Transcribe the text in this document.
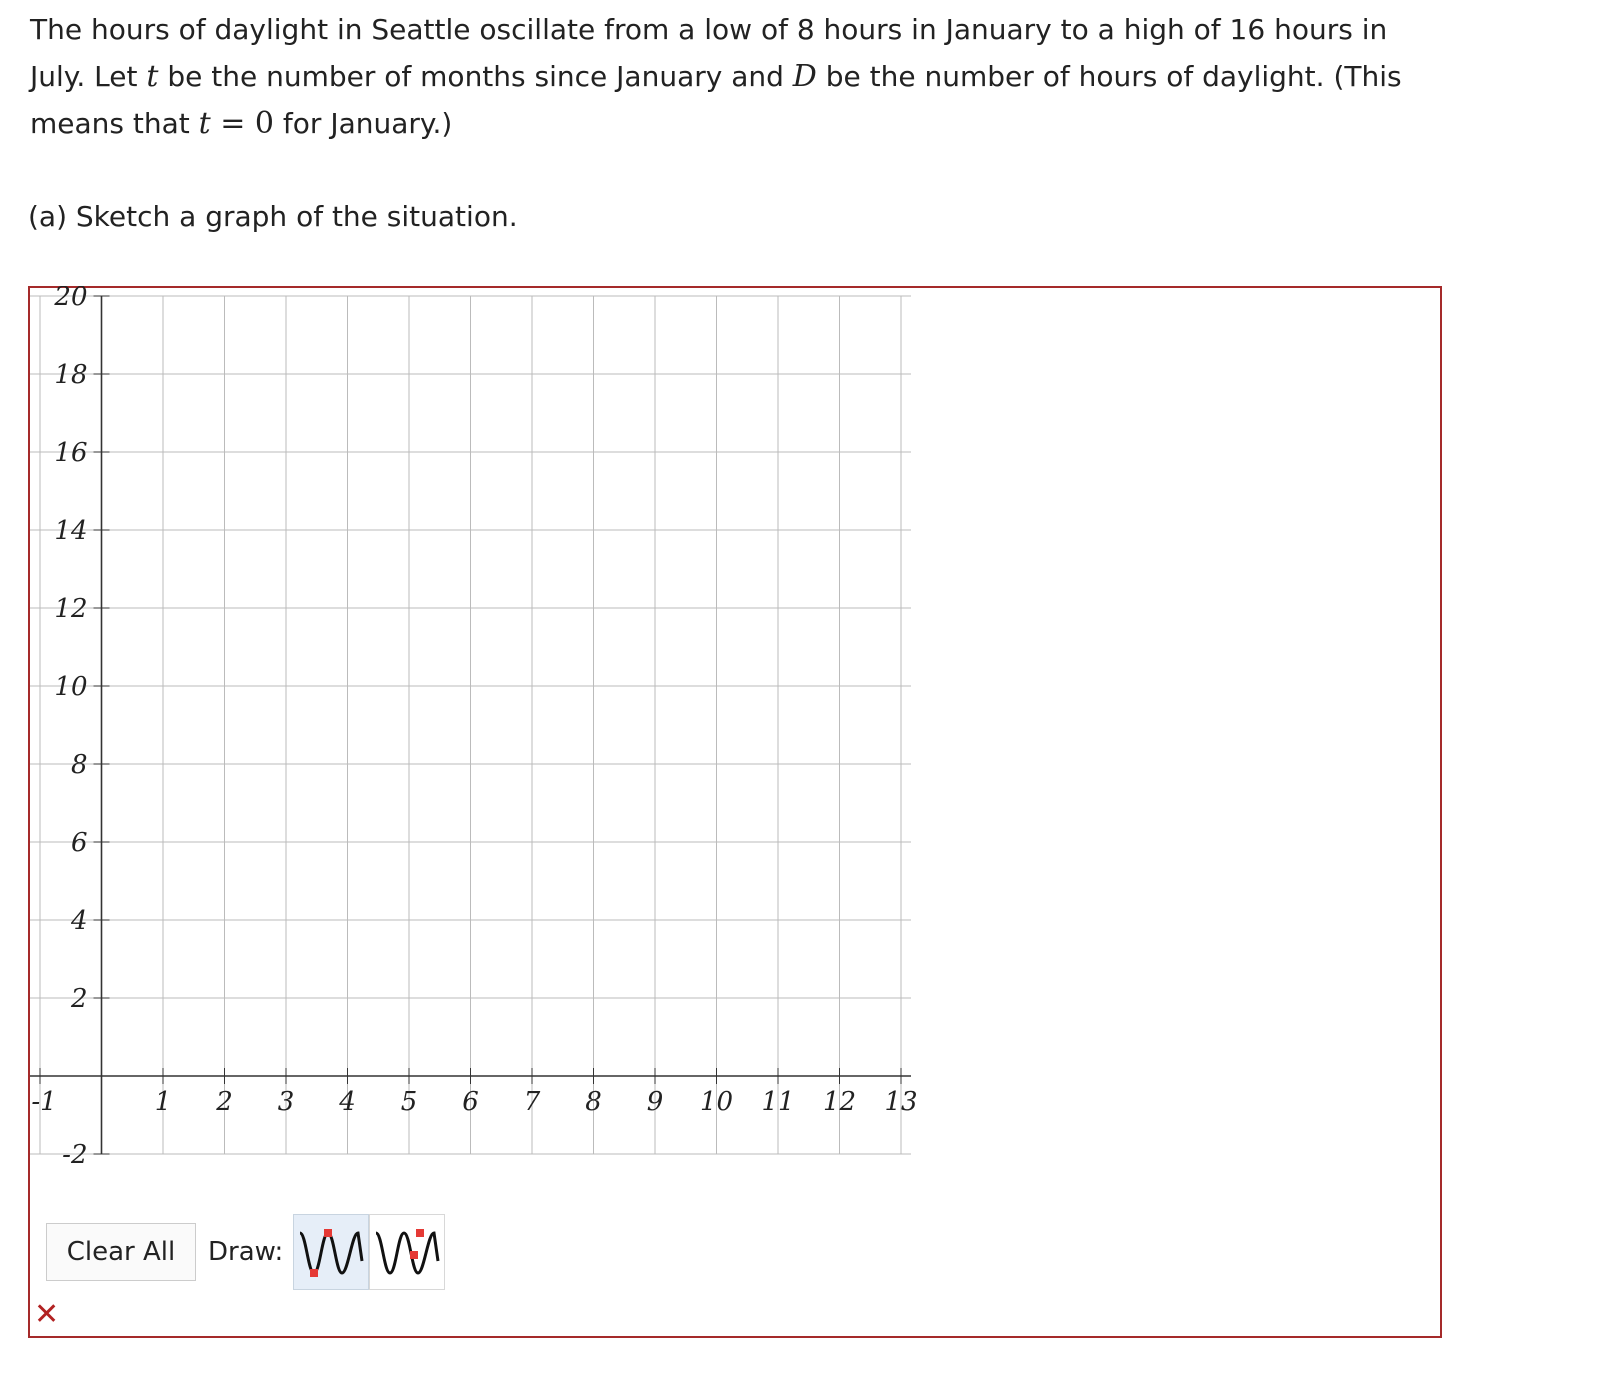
The hours of daylight in Seattle oscillate from a low of 8 hours in January to a high of 16 hours in

July. Let t be the number of months since January and D be the number of hours of daylight. (This

means that t = 0 for January.)

(a) Sketch a graph of the situation.

-1	1 2 3 4 5 6 7 8 9 10 11 12 13
20
18
16
14
12
10
8
6
4
2
-2
Clear All	Draw:
✕
